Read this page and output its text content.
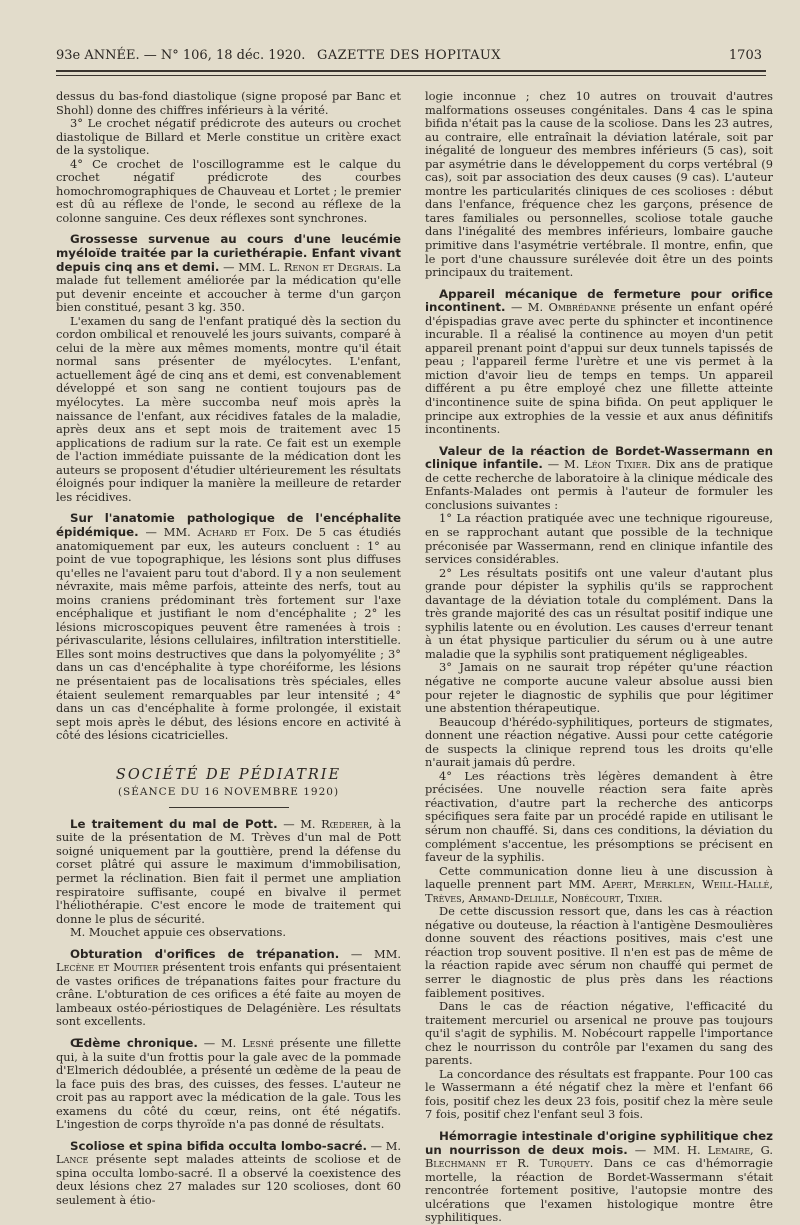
93e ANNÉE. — N° 106, 18 déc. 1920. GAZETTE DES HOPITAUX	1703

dessus du bas-fond diastolique (signe proposé par Banc et Shohl) donne des chiffres inférieurs à la vérité.

3° Le crochet négatif prédicrote des auteurs ou crochet diastolique de Billard et Merle constitue un critère exact de la systolique.

4° Ce crochet de l'oscillogramme est le calque du crochet négatif prédicrote des courbes homochromographiques de Chauveau et Lortet ; le premier est dû au réflexe de l'onde, le second au réflexe de la colonne sanguine. Ces deux réflexes sont synchrones.

Grossesse survenue au cours d'une leucémie myéloïde traitée par la curiethérapie. Enfant vivant depuis cinq ans et demi. — MM. L. Renon et Degrais. La malade fut tellement améliorée par la médication qu'elle put devenir enceinte et accoucher à terme d'un garçon bien constitué, pesant 3 kg. 350.

L'examen du sang de l'enfant pratiqué dès la section du cordon ombilical et renouvelé les jours suivants, comparé à celui de la mère aux mêmes moments, montre qu'il était normal sans présenter de myélocytes. L'enfant, actuellement âgé de cinq ans et demi, est convenablement développé et son sang ne contient toujours pas de myélocytes. La mère succomba neuf mois après la naissance de l'enfant, aux récidives fatales de la maladie, après deux ans et sept mois de traitement avec 15 applications de radium sur la rate. Ce fait est un exemple de l'action immédiate puissante de la médication dont les auteurs se proposent d'étudier ultérieurement les résultats éloignés pour indiquer la manière la meilleure de retarder les récidives.

Sur l'anatomie pathologique de l'encéphalite épidémique. — MM. Achard et Foix. De 5 cas étudiés anatomiquement par eux, les auteurs concluent : 1° au point de vue topographique, les lésions sont plus diffuses qu'elles ne l'avaient paru tout d'abord. Il y a non seulement névraxite, mais même parfois, atteinte des nerfs, tout au moins craniens prédominant très fortement sur l'axe encéphalique et justifiant le nom d'encéphalite ; 2° les lésions microscopiques peuvent être ramenées à trois : périvascularite, lésions cellulaires, infiltration interstitielle. Elles sont moins destructives que dans la polyomyélite ; 3° dans un cas d'encéphalite à type choréiforme, les lésions ne présentaient pas de localisations très spéciales, elles étaient seulement remarquables par leur intensité ; 4° dans un cas d'encéphalite à forme prolongée, il existait sept mois après le début, des lésions encore en activité à côté des lésions cicatricielles.

SOCIÉTÉ DE PÉDIATRIE
(SÉANCE DU 16 NOVEMBRE 1920)

Le traitement du mal de Pott. — M. Rœderer, à la suite de la présentation de M. Trèves d'un mal de Pott soigné uniquement par la gouttière, prend la défense du corset plâtré qui assure le maximum d'immobilisation, permet la réclination. Bien fait il permet une ampliation respiratoire suffisante, coupé en bivalve il permet l'héliothérapie. C'est encore le mode de traitement qui donne le plus de sécurité.

M. Mouchet appuie ces observations.

Obturation d'orifices de trépanation. — MM. Lecène et Moutier présentent trois enfants qui présentaient de vastes orifices de trépanations faites pour fracture du crâne. L'obturation de ces orifices a été faite au moyen de lambeaux ostéo-périostiques de Delagénière. Les résultats sont excellents.

Œdème chronique. — M. Lesné présente une fillette qui, à la suite d'un frottis pour la gale avec de la pommade d'Elmerich dédoublée, a présenté un œdème de la peau de la face puis des bras, des cuisses, des fesses. L'auteur ne croit pas au rapport avec la médication de la gale. Tous les examens du côté du cœur, reins, ont été négatifs. L'ingestion de corps thyroïde n'a pas donné de résultats.

Scoliose et spina bifida occulta lombo-sacré. — M. Lance présente sept malades atteints de scoliose et de spina occulta lombo-sacré. Il a observé la coexistence des deux lésions chez 27 malades sur 120 scolioses, dont 60 seulement à étio-

logie inconnue ; chez 10 autres on trouvait d'autres malformations osseuses congénitales. Dans 4 cas le spina bifida n'était pas la cause de la scoliose. Dans les 23 autres, au contraire, elle entraînait la déviation latérale, soit par inégalité de longueur des membres inférieurs (5 cas), soit par asymétrie dans le développement du corps vertébral (9 cas), soit par association des deux causes (9 cas). L'auteur montre les particularités cliniques de ces scolioses : début dans l'enfance, fréquence chez les garçons, présence de tares familiales ou personnelles, scoliose totale gauche dans l'inégalité des membres inférieurs, lombaire gauche primitive dans l'asymétrie vertébrale. Il montre, enfin, que le port d'une chaussure surélevée doit être un des points principaux du traitement.

Appareil mécanique de fermeture pour orifice incontinent. — M. Ombrédanne présente un enfant opéré d'épispadias grave avec perte du sphincter et incontinence incurable. Il a réalisé la continence au moyen d'un petit appareil prenant point d'appui sur deux tunnels tapissés de peau ; l'appareil ferme l'urètre et une vis permet à la miction d'avoir lieu de temps en temps. Un appareil différent a pu être employé chez une fillette atteinte d'incontinence suite de spina bifida. On peut appliquer le principe aux extrophies de la vessie et aux anus définitifs incontinents.

Valeur de la réaction de Bordet-Wassermann en clinique infantile. — M. Léon Tixier. Dix ans de pratique de cette recherche de laboratoire à la clinique médicale des Enfants-Malades ont permis à l'auteur de formuler les conclusions suivantes :

1° La réaction pratiquée avec une technique rigoureuse, en se rapprochant autant que possible de la technique préconisée par Wassermann, rend en clinique infantile des services considérables.

2° Les résultats positifs ont une valeur d'autant plus grande pour dépister la syphilis qu'ils se rapprochent davantage de la déviation totale du complément. Dans la très grande majorité des cas un résultat positif indique une syphilis latente ou en évolution. Les causes d'erreur tenant à un état physique particulier du sérum ou à une autre maladie que la syphilis sont pratiquement négligeables.

3° Jamais on ne saurait trop répéter qu'une réaction négative ne comporte aucune valeur absolue aussi bien pour rejeter le diagnostic de syphilis que pour légitimer une abstention thérapeutique.

Beaucoup d'hérédo-syphilitiques, porteurs de stigmates, donnent une réaction négative. Aussi pour cette catégorie de suspects la clinique reprend tous les droits qu'elle n'aurait jamais dû perdre.

4° Les réactions très légères demandent à être précisées. Une nouvelle réaction sera faite après réactivation, d'autre part la recherche des anticorps spécifiques sera faite par un procédé rapide en utilisant le sérum non chauffé. Si, dans ces conditions, la déviation du complément s'accentue, les présomptions se précisent en faveur de la syphilis.

Cette communication donne lieu à une discussion à laquelle prennent part MM. Apert, Merklen, Weill-Hallé, Trèves, Armand-Delille, Nobécourt, Tixier.

De cette discussion ressort que, dans les cas à réaction négative ou douteuse, la réaction à l'antigène Desmoulières donne souvent des réactions positives, mais c'est une réaction trop souvent positive. Il n'en est pas de même de la réaction rapide avec sérum non chauffé qui permet de serrer le diagnostic de plus près dans les réactions faiblement positives.

Dans le cas de réaction négative, l'efficacité du traitement mercuriel ou arsenical ne prouve pas toujours qu'il s'agit de syphilis. M. Nobécourt rappelle l'importance chez le nourrisson du contrôle par l'examen du sang des parents.

La concordance des résultats est frappante. Pour 100 cas le Wassermann a été négatif chez la mère et l'enfant 66 fois, positif chez les deux 23 fois, positif chez la mère seule 7 fois, positif chez l'enfant seul 3 fois.

Hémorragie intestinale d'origine syphilitique chez un nourrisson de deux mois. — MM. H. Lemaire, G. Blechmann et R. Turquety. Dans ce cas d'hémorragie mortelle, la réaction de Bordet-Wassermann s'était rencontrée fortement positive, l'autopsie montre des ulcérations que l'examen histologique montre être syphilitiques.
